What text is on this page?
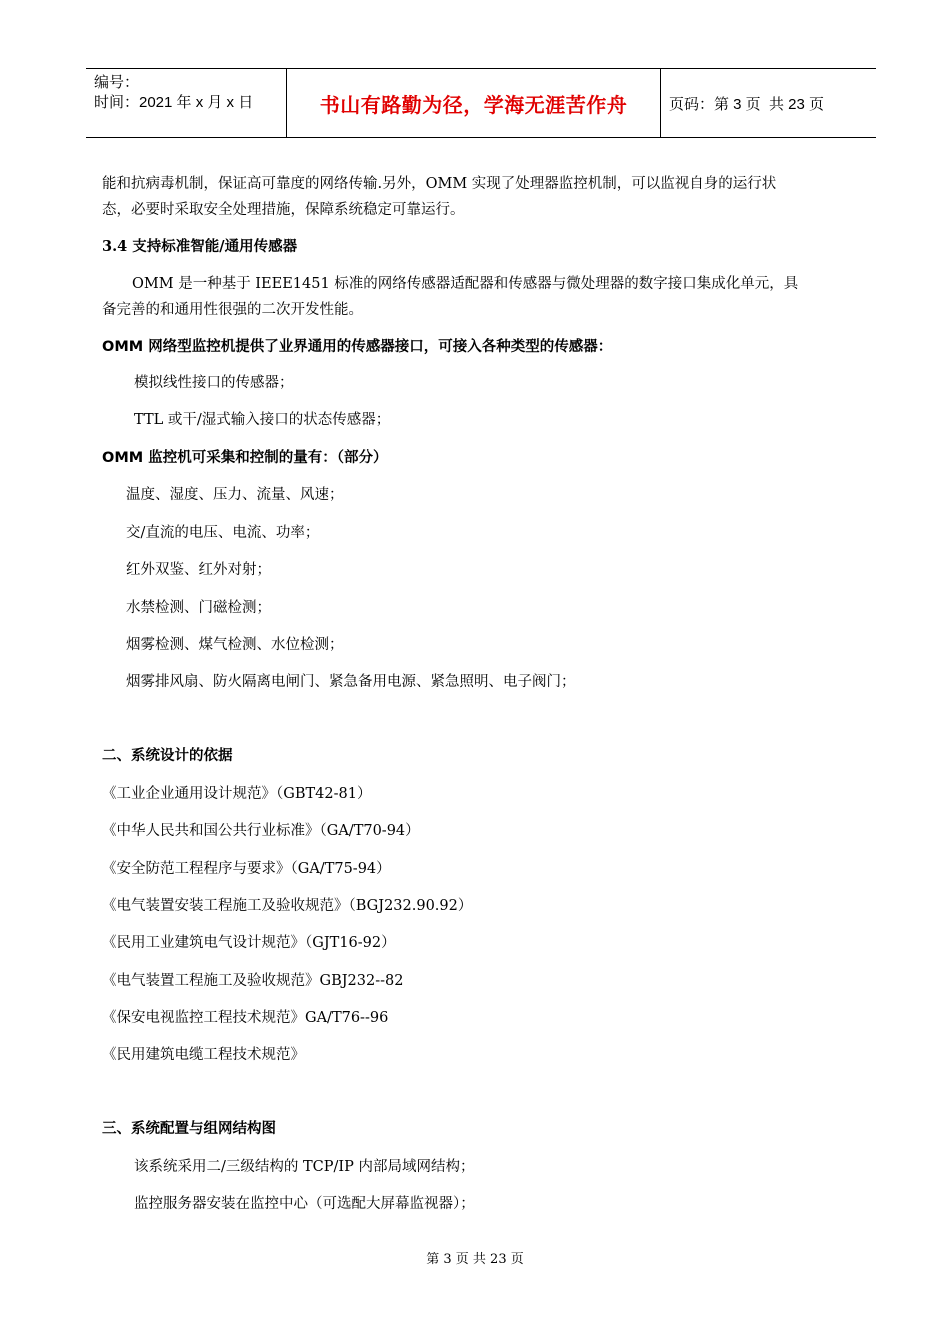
编号：
时间：2021 年 x 月 x 日	书山有路勤为径，学海无涯苦作舟	页码：第 3 页  共 23 页
能和抗病毒机制，保证高可靠度的网络传输.另外，OMM 实现了处理器监控机制，可以监视自身的运行状
态，必要时采取安全处理措施，保障系统稳定可靠运行。
3.4 支持标准智能/通用传感器
OMM 是一种基于 IEEE1451 标准的网络传感器适配器和传感器与微处理器的数字接口集成化单元，具
备完善的和通用性很强的二次开发性能。
OMM 网络型监控机提供了业界通用的传感器接口，可接入各种类型的传感器：
模拟线性接口的传感器；
TTL 或干/湿式输入接口的状态传感器；
OMM 监控机可采集和控制的量有：（部分）
温度、湿度、压力、流量、风速；
交/直流的电压、电流、功率；
红外双鉴、红外对射；
水禁检测、门磁检测；
烟雾检测、煤气检测、水位检测；
烟雾排风扇、防火隔离电闸门、紧急备用电源、紧急照明、电子阀门；
二、系统设计的依据
《工业企业通用设计规范》（GBT42-81）
《中华人民共和国公共行业标准》（GA/T70-94）
《安全防范工程程序与要求》（GA/T75-94）
《电气装置安装工程施工及验收规范》（BGJ232.90.92）
《民用工业建筑电气设计规范》（GJT16-92）
《电气装置工程施工及验收规范》GBJ232--82
《保安电视监控工程技术规范》GA/T76--96
《民用建筑电缆工程技术规范》
三、系统配置与组网结构图
该系统采用二/三级结构的 TCP/IP 内部局域网结构；
监控服务器安装在监控中心（可选配大屏幕监视器）；
第 3 页 共 23 页
